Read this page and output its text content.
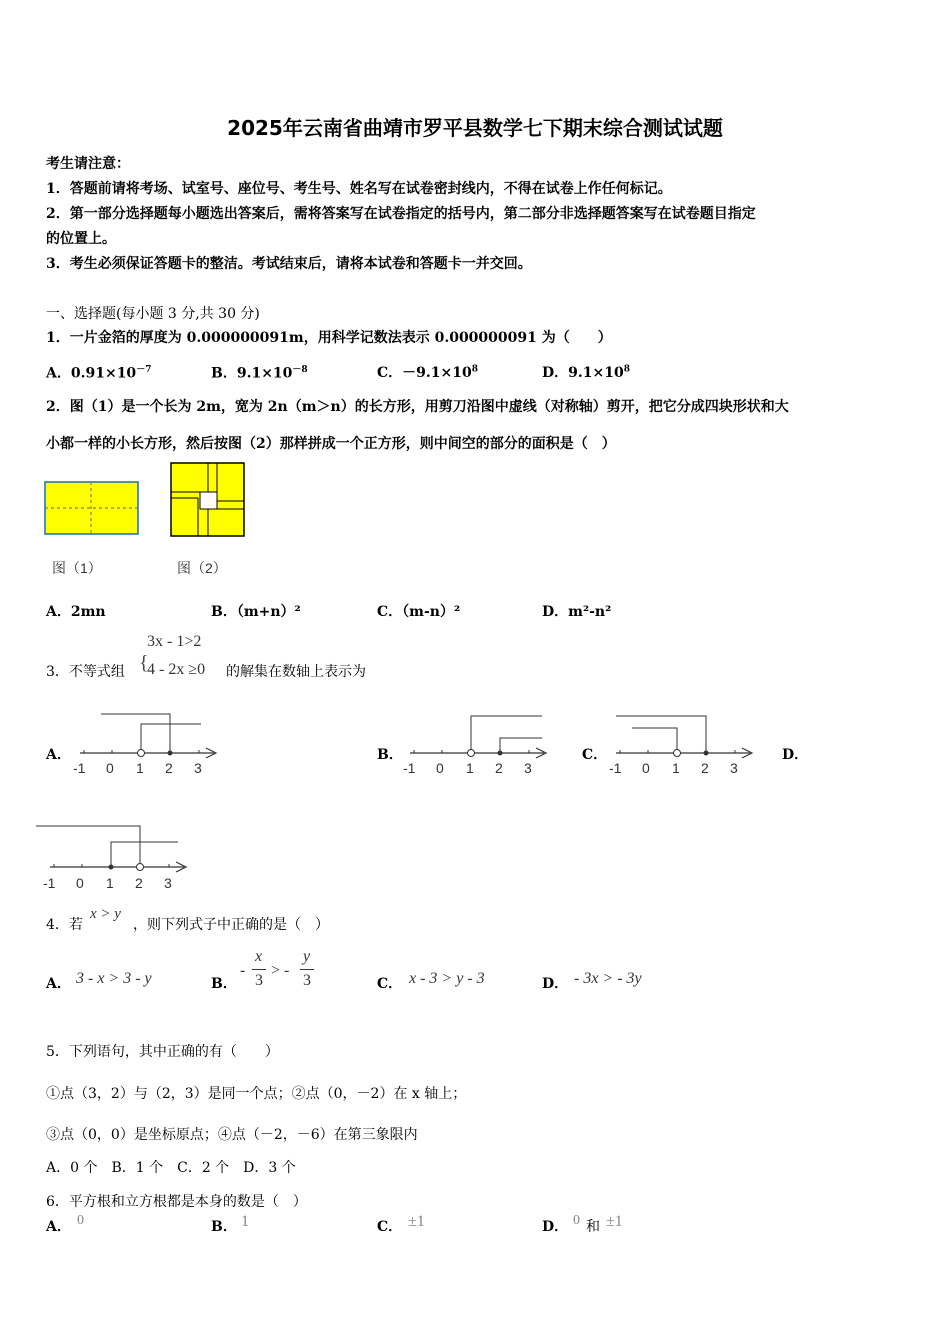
2025年云南省曲靖市罗平县数学七下期末综合测试试题
考生请注意：
1．答题前请将考场、试室号、座位号、考生号、姓名写在试卷密封线内，不得在试卷上作任何标记。
2．第一部分选择题每小题选出答案后，需将答案写在试卷指定的括号内，第二部分非选择题答案写在试卷题目指定
的位置上。
3．考生必须保证答题卡的整洁。考试结束后，请将本试卷和答题卡一并交回。
一、选择题(每小题 3 分,共 30 分)
1．一片金箔的厚度为 0.000000091m，用科学记数法表示 0.000000091 为（　　）
A．$0.91\times 10^{-7}$	B．$9.1\times 10^{-8}$	C．$-9.1\times 10^8$	D．$9.1\times 10^8$
2．图（1）是一个长为 2m，宽为 2n（m＞n）的长方形，用剪刀沿图中虚线（对称轴）剪开，把它分成四块形状和大
小都一样的小长方形，然后按图（2）那样拼成一个正方形，则中间空的部分的面积是（　）
图（1）	图（2）
A．2mn	B．（m+n）²	C．（m-n）²	D．m²-n²
3．不等式组 {
3x - 1>2
4 - 2x ≥0 的解集在数轴上表示为
A．	B．	C．	D．
-1 0 1 2 3	-1 0 1 2 3	-1 0 1 2 3
-1 0 1 2 3
4．若
x > y
，则下列式子中正确的是（　）
A． 3 - x > 3 - y	B．
-
x
3
> -
y
3	C． x - 3 > y - 3	D． - 3x > - 3y
5．下列语句，其中正确的有（　　）
①点（3，2）与（2，3）是同一个点；②点（0，－2）在 x 轴上；
③点（0，0）是坐标原点；④点（－2，－6）在第三象限内
A．0 个　B．1 个　C．2 个　D．3 个
6．平方根和立方根都是本身的数是（　）
A． 0	B． 1	C． ±1	D． 0 和 ±1
